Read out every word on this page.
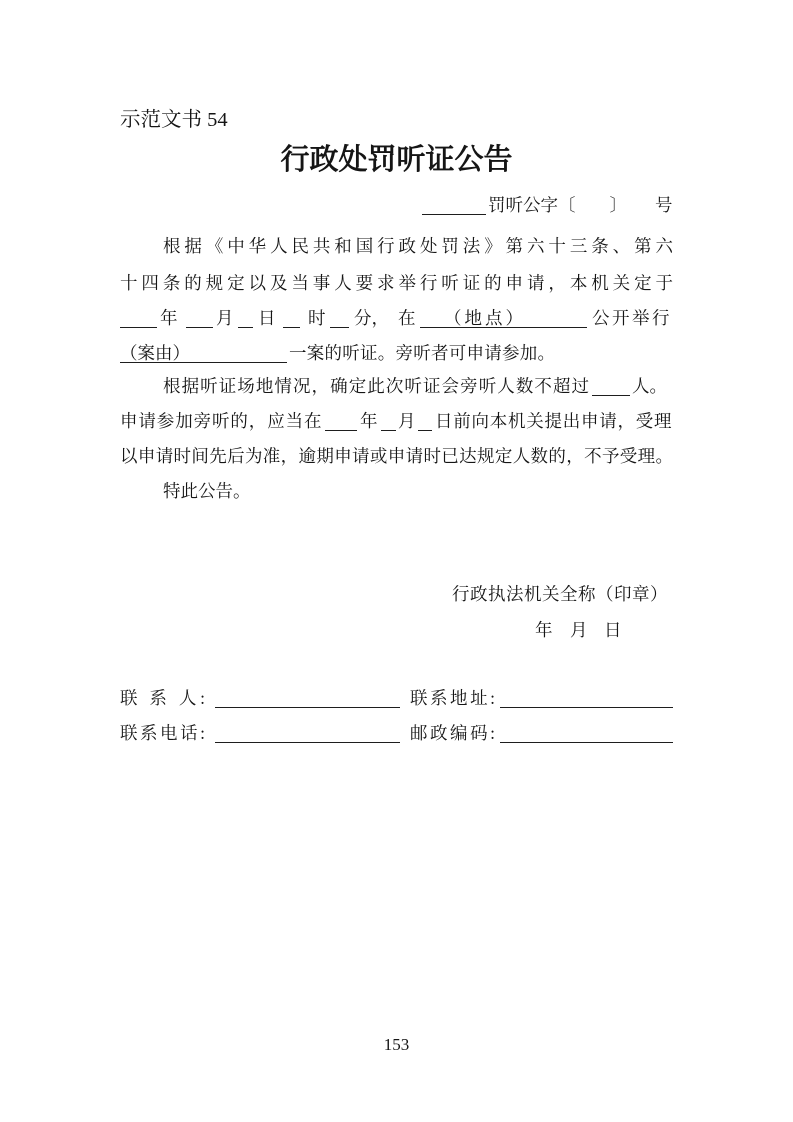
示范文书 54
行政处罚听证公告
罚听公字〔 〕 号
根据《中华人民共和国行政处罚法》第六十三条、第六
十四条的规定以及当事人要求举行听证的申请，本机关定于
年 月 日 时 分， 在	（地点）	公开举行
（案由）	一案的听证。旁听者可申请参加。
根据听证场地情况，确定此次听证会旁听人数不超过 人。
申请参加旁听的，应当在 年 月 日前向本机关提出申请，受理
以申请时间先后为准，逾期申请或申请时已达规定人数的，不予受理。
特此公告。
行政执法机关全称（印章）
年 月 日
联 系 人:	联系地址:
联系电话:	邮政编码:
153
